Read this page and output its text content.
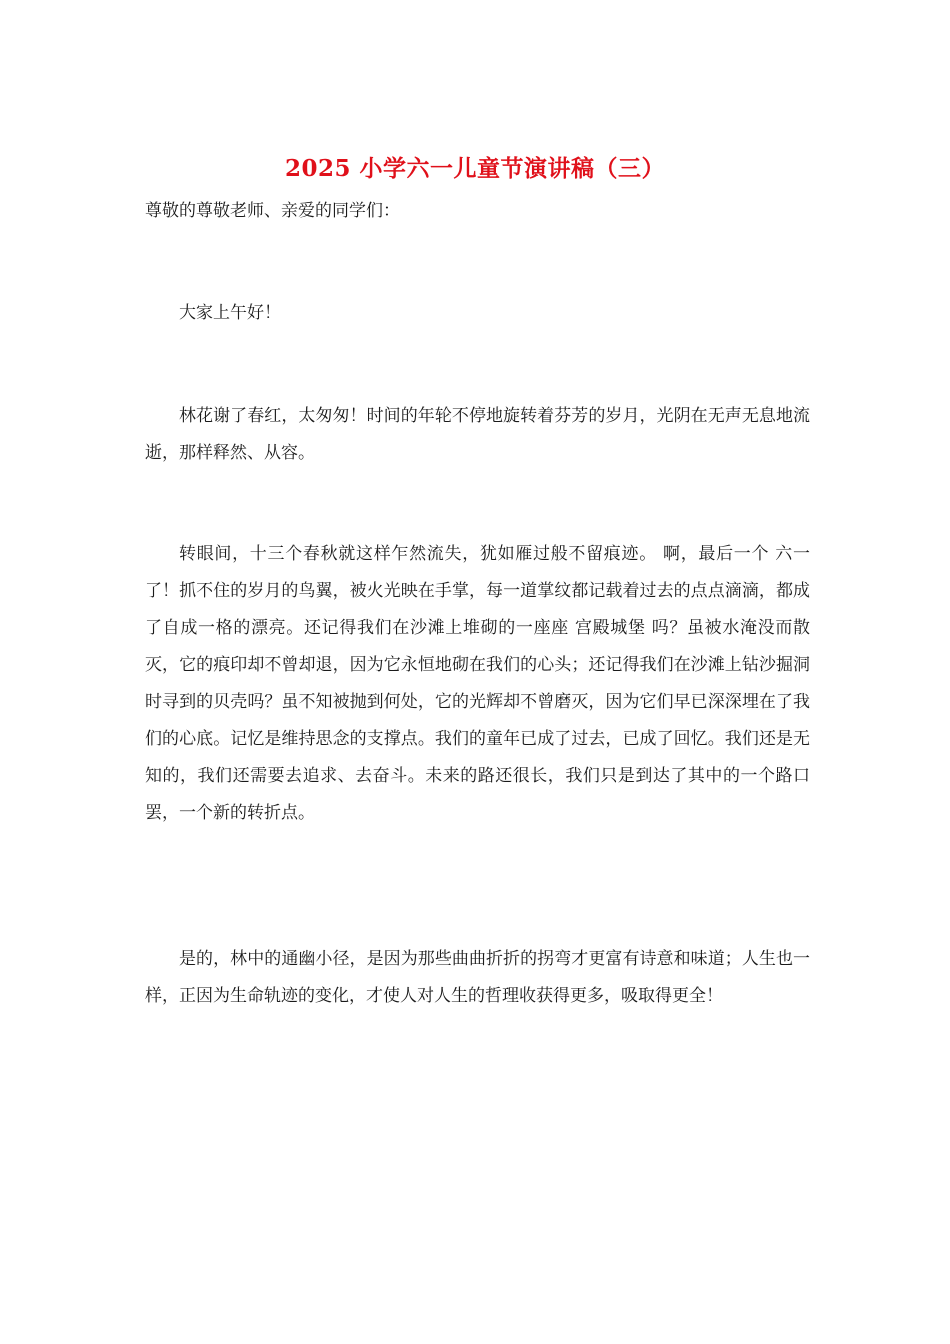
2025 小学六一儿童节演讲稿（三）

尊敬的尊敬老师、亲爱的同学们：

大家上午好！

林花谢了春红，太匆匆！时间的年轮不停地旋转着芬芳的岁月，光阴在无声无息地流逝，那样释然、从容。

转眼间，十三个春秋就这样乍然流失，犹如雁过般不留痕迹。 啊，最后一个 六一 了！抓不住的岁月的鸟翼，被火光映在手掌，每一道掌纹都记载着过去的点点滴滴，都成了自成一格的漂亮。还记得我们在沙滩上堆砌的一座座 宫殿城堡 吗？虽被水淹没而散灭，它的痕印却不曾却退，因为它永恒地砌在我们的心头；还记得我们在沙滩上钻沙掘洞时寻到的贝壳吗？虽不知被抛到何处，它的光辉却不曾磨灭，因为它们早已深深埋在了我们的心底。记忆是维持思念的支撑点。我们的童年已成了过去，已成了回忆。我们还是无知的，我们还需要去追求、去奋斗。未来的路还很长，我们只是到达了其中的一个路口罢，一个新的转折点。

是的，林中的通幽小径，是因为那些曲曲折折的拐弯才更富有诗意和味道；人生也一样，正因为生命轨迹的变化，才使人对人生的哲理收获得更多，吸取得更全！
